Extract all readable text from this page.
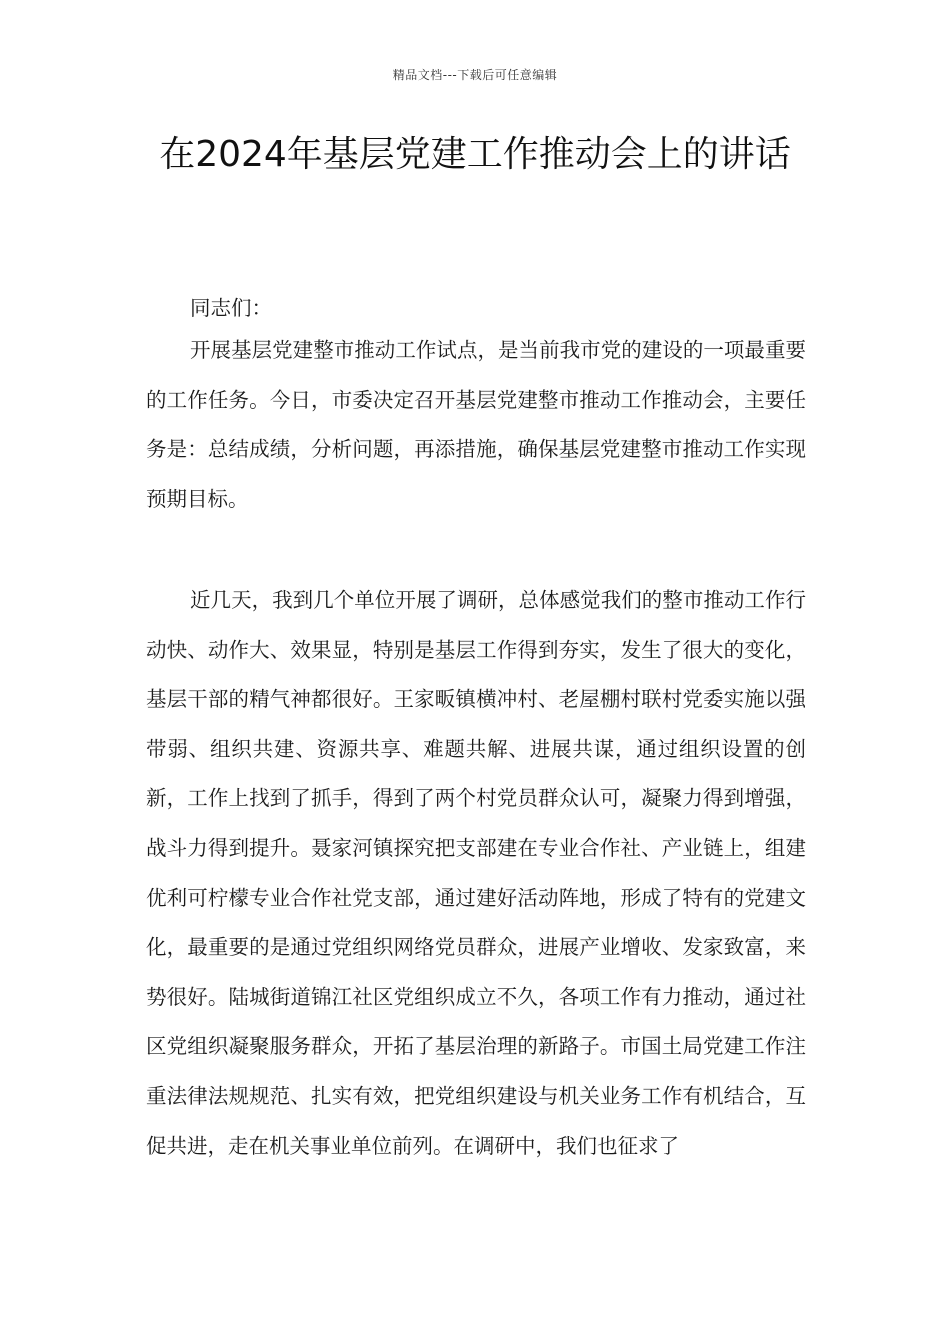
精品文档---下载后可任意编辑
在2024年基层党建工作推动会上的讲话

同志们：

开展基层党建整市推动工作试点，是当前我市党的建设的一项最重要的工作任务。今日，市委决定召开基层党建整市推动工作推动会，主要任务是：总结成绩，分析问题，再添措施，确保基层党建整市推动工作实现预期目标。

近几天，我到几个单位开展了调研，总体感觉我们的整市推动工作行动快、动作大、效果显，特别是基层工作得到夯实，发生了很大的变化，基层干部的精气神都很好。王家畈镇横冲村、老屋棚村联村党委实施以强带弱、组织共建、资源共享、难题共解、进展共谋，通过组织设置的创新，工作上找到了抓手，得到了两个村党员群众认可，凝聚力得到增强，战斗力得到提升。聂家河镇探究把支部建在专业合作社、产业链上，组建优利可柠檬专业合作社党支部，通过建好活动阵地，形成了特有的党建文化，最重要的是通过党组织网络党员群众，进展产业增收、发家致富，来势很好。陆城街道锦江社区党组织成立不久，各项工作有力推动，通过社区党组织凝聚服务群众，开拓了基层治理的新路子。市国土局党建工作注重法律法规规范、扎实有效，把党组织建设与机关业务工作有机结合，互促共进，走在机关事业单位前列。在调研中，我们也征求了
